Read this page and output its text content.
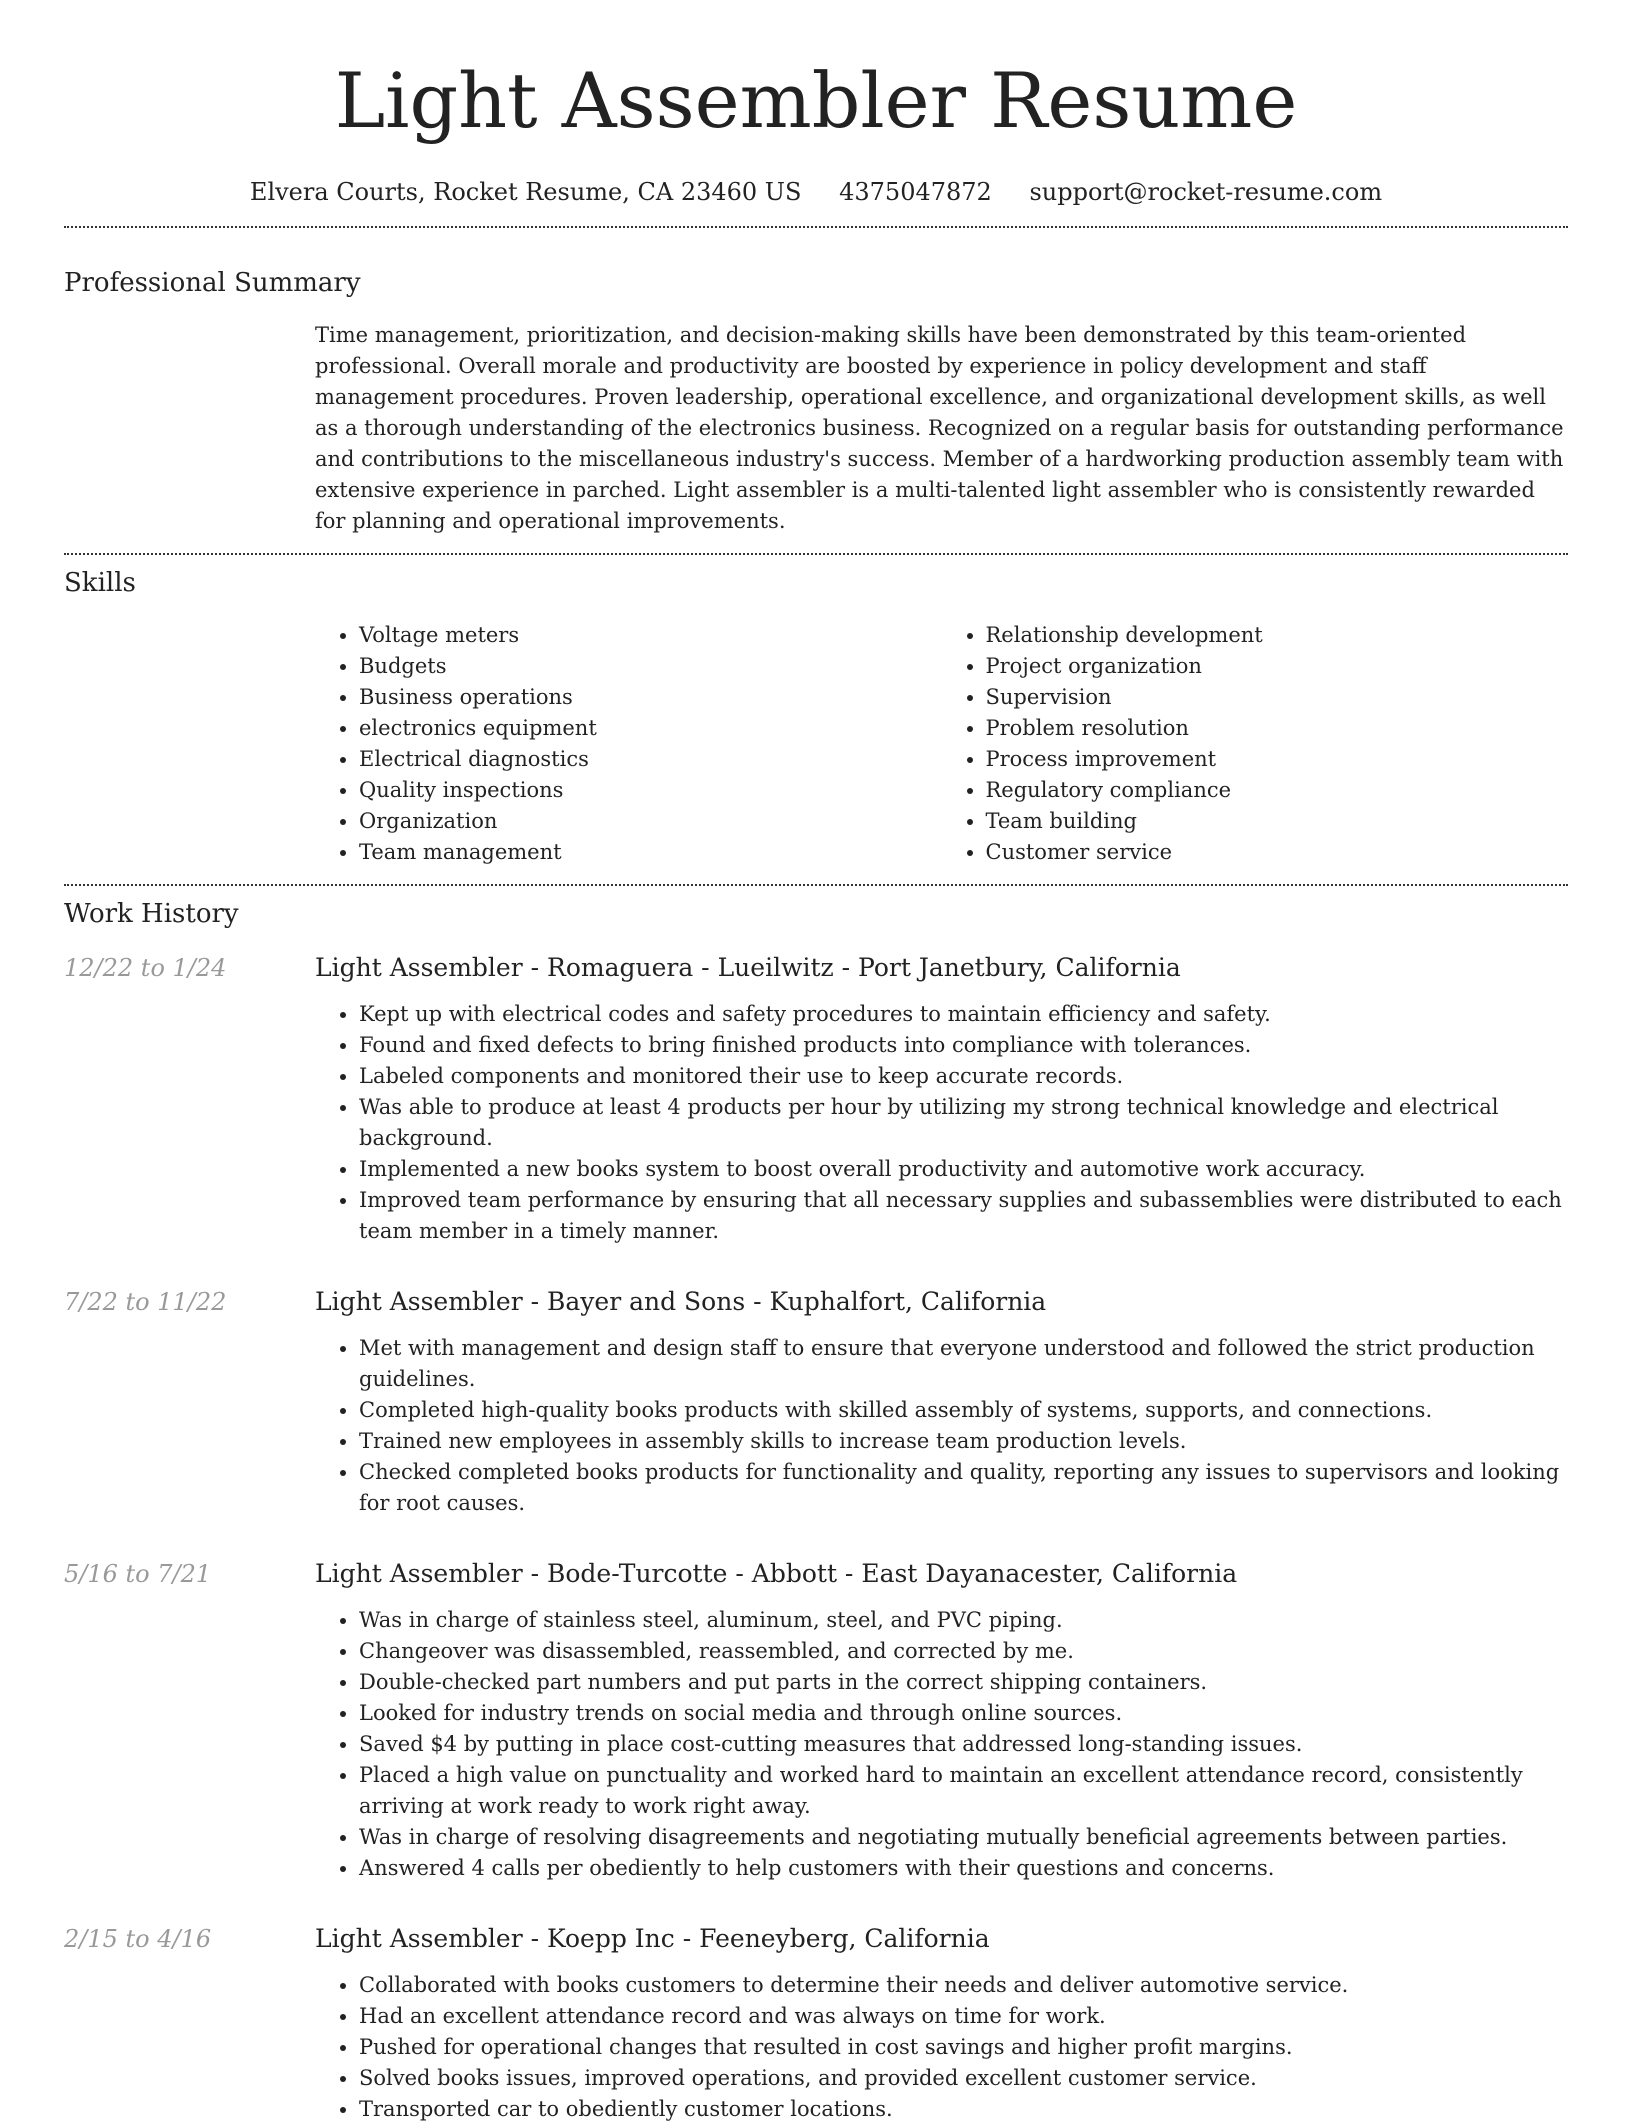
Light Assembler Resume
Elvera Courts, Rocket Resume, CA 23460 US 4375047872 support@rocket-resume.com
Professional Summary
Time management, prioritization, and decision-making skills have been demonstrated by this team-oriented professional. Overall morale and productivity are boosted by experience in policy development and staff management procedures. Proven leadership, operational excellence, and organizational development skills, as well as a thorough understanding of the electronics business. Recognized on a regular basis for outstanding performance and contributions to the miscellaneous industry's success. Member of a hardworking production assembly team with extensive experience in parched. Light assembler is a multi-talented light assembler who is consistently rewarded for planning and operational improvements.
Skills
• Voltage meters
• Budgets
• Business operations
• electronics equipment
• Electrical diagnostics
• Quality inspections
• Organization
• Team management
• Relationship development
• Project organization
• Supervision
• Problem resolution
• Process improvement
• Regulatory compliance
• Team building
• Customer service
Work History
12/22 to 1/24	Light Assembler - Romaguera - Lueilwitz - Port Janetbury, California
• Kept up with electrical codes and safety procedures to maintain efficiency and safety.
• Found and fixed defects to bring finished products into compliance with tolerances.
• Labeled components and monitored their use to keep accurate records.
• Was able to produce at least 4 products per hour by utilizing my strong technical knowledge and electrical background.
• Implemented a new books system to boost overall productivity and automotive work accuracy.
• Improved team performance by ensuring that all necessary supplies and subassemblies were distributed to each team member in a timely manner.
7/22 to 11/22	Light Assembler - Bayer and Sons - Kuphalfort, California
• Met with management and design staff to ensure that everyone understood and followed the strict production guidelines.
• Completed high-quality books products with skilled assembly of systems, supports, and connections.
• Trained new employees in assembly skills to increase team production levels.
• Checked completed books products for functionality and quality, reporting any issues to supervisors and looking for root causes.
5/16 to 7/21	Light Assembler - Bode-Turcotte - Abbott - East Dayanacester, California
• Was in charge of stainless steel, aluminum, steel, and PVC piping.
• Changeover was disassembled, reassembled, and corrected by me.
• Double-checked part numbers and put parts in the correct shipping containers.
• Looked for industry trends on social media and through online sources.
• Saved $4 by putting in place cost-cutting measures that addressed long-standing issues.
• Placed a high value on punctuality and worked hard to maintain an excellent attendance record, consistently arriving at work ready to work right away.
• Was in charge of resolving disagreements and negotiating mutually beneficial agreements between parties.
• Answered 4 calls per obediently to help customers with their questions and concerns.
2/15 to 4/16	Light Assembler - Koepp Inc - Feeneyberg, California
• Collaborated with books customers to determine their needs and deliver automotive service.
• Had an excellent attendance record and was always on time for work.
• Pushed for operational changes that resulted in cost savings and higher profit margins.
• Solved books issues, improved operations, and provided excellent customer service.
• Transported car to obediently customer locations.
